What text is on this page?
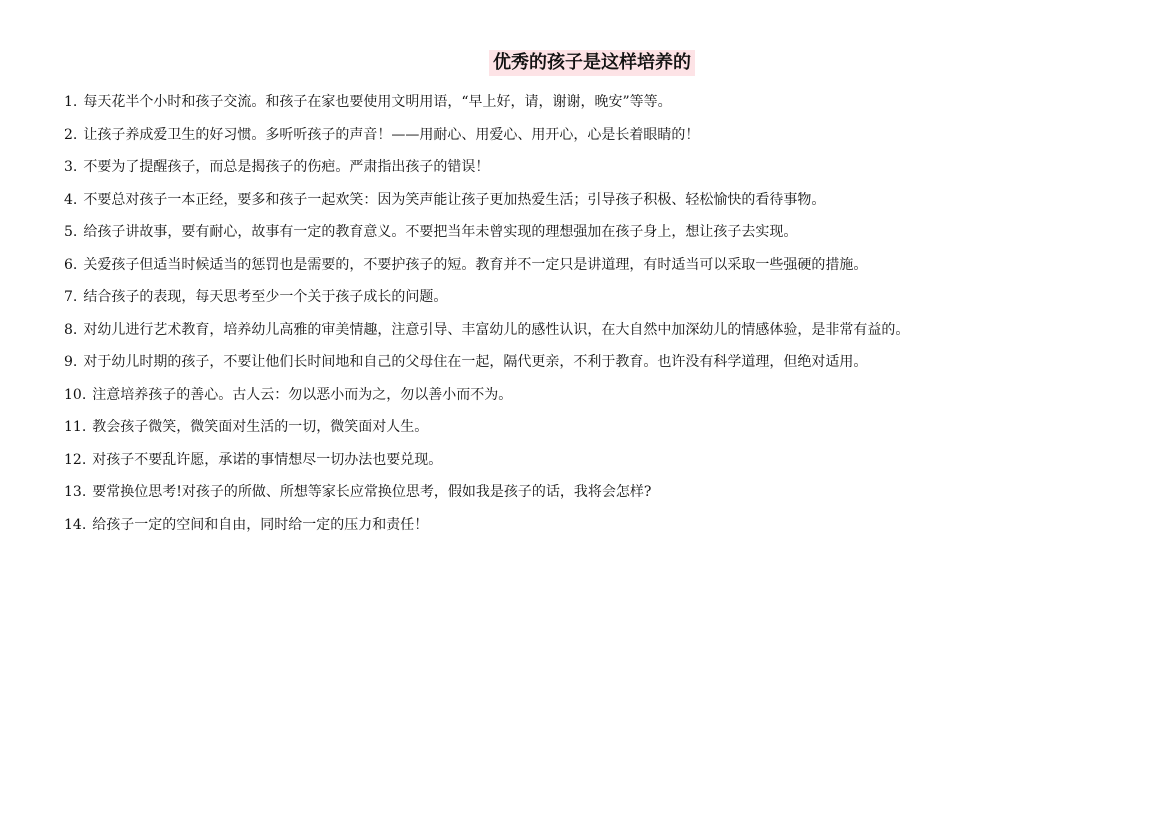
优秀的孩子是这样培养的
1. 每天花半个小时和孩子交流。和孩子在家也要使用文明用语，“早上好，请，谢谢，晚安”等等。
2. 让孩子养成爱卫生的好习惯。多听听孩子的声音！——用耐心、用爱心、用开心，心是长着眼睛的！
3. 不要为了提醒孩子，而总是揭孩子的伤疤。严肃指出孩子的错误！
4. 不要总对孩子一本正经，要多和孩子一起欢笑：因为笑声能让孩子更加热爱生活；引导孩子积极、轻松愉快的看待事物。
5. 给孩子讲故事，要有耐心，故事有一定的教育意义。不要把当年未曾实现的理想强加在孩子身上，想让孩子去实现。
6. 关爱孩子但适当时候适当的惩罚也是需要的，不要护孩子的短。教育并不一定只是讲道理，有时适当可以采取一些强硬的措施。
7. 结合孩子的表现，每天思考至少一个关于孩子成长的问题。
8. 对幼儿进行艺术教育，培养幼儿高雅的审美情趣，注意引导、丰富幼儿的感性认识，在大自然中加深幼儿的情感体验，是非常有益的。
9. 对于幼儿时期的孩子，不要让他们长时间地和自己的父母住在一起，隔代更亲，不利于教育。也许没有科学道理，但绝对适用。
10. 注意培养孩子的善心。古人云：勿以恶小而为之，勿以善小而不为。
11. 教会孩子微笑，微笑面对生活的一切，微笑面对人生。
12. 对孩子不要乱许愿，承诺的事情想尽一切办法也要兑现。
13. 要常换位思考!对孩子的所做、所想等家长应常换位思考，假如我是孩子的话，我将会怎样?
14. 给孩子一定的空间和自由，同时给一定的压力和责任！
